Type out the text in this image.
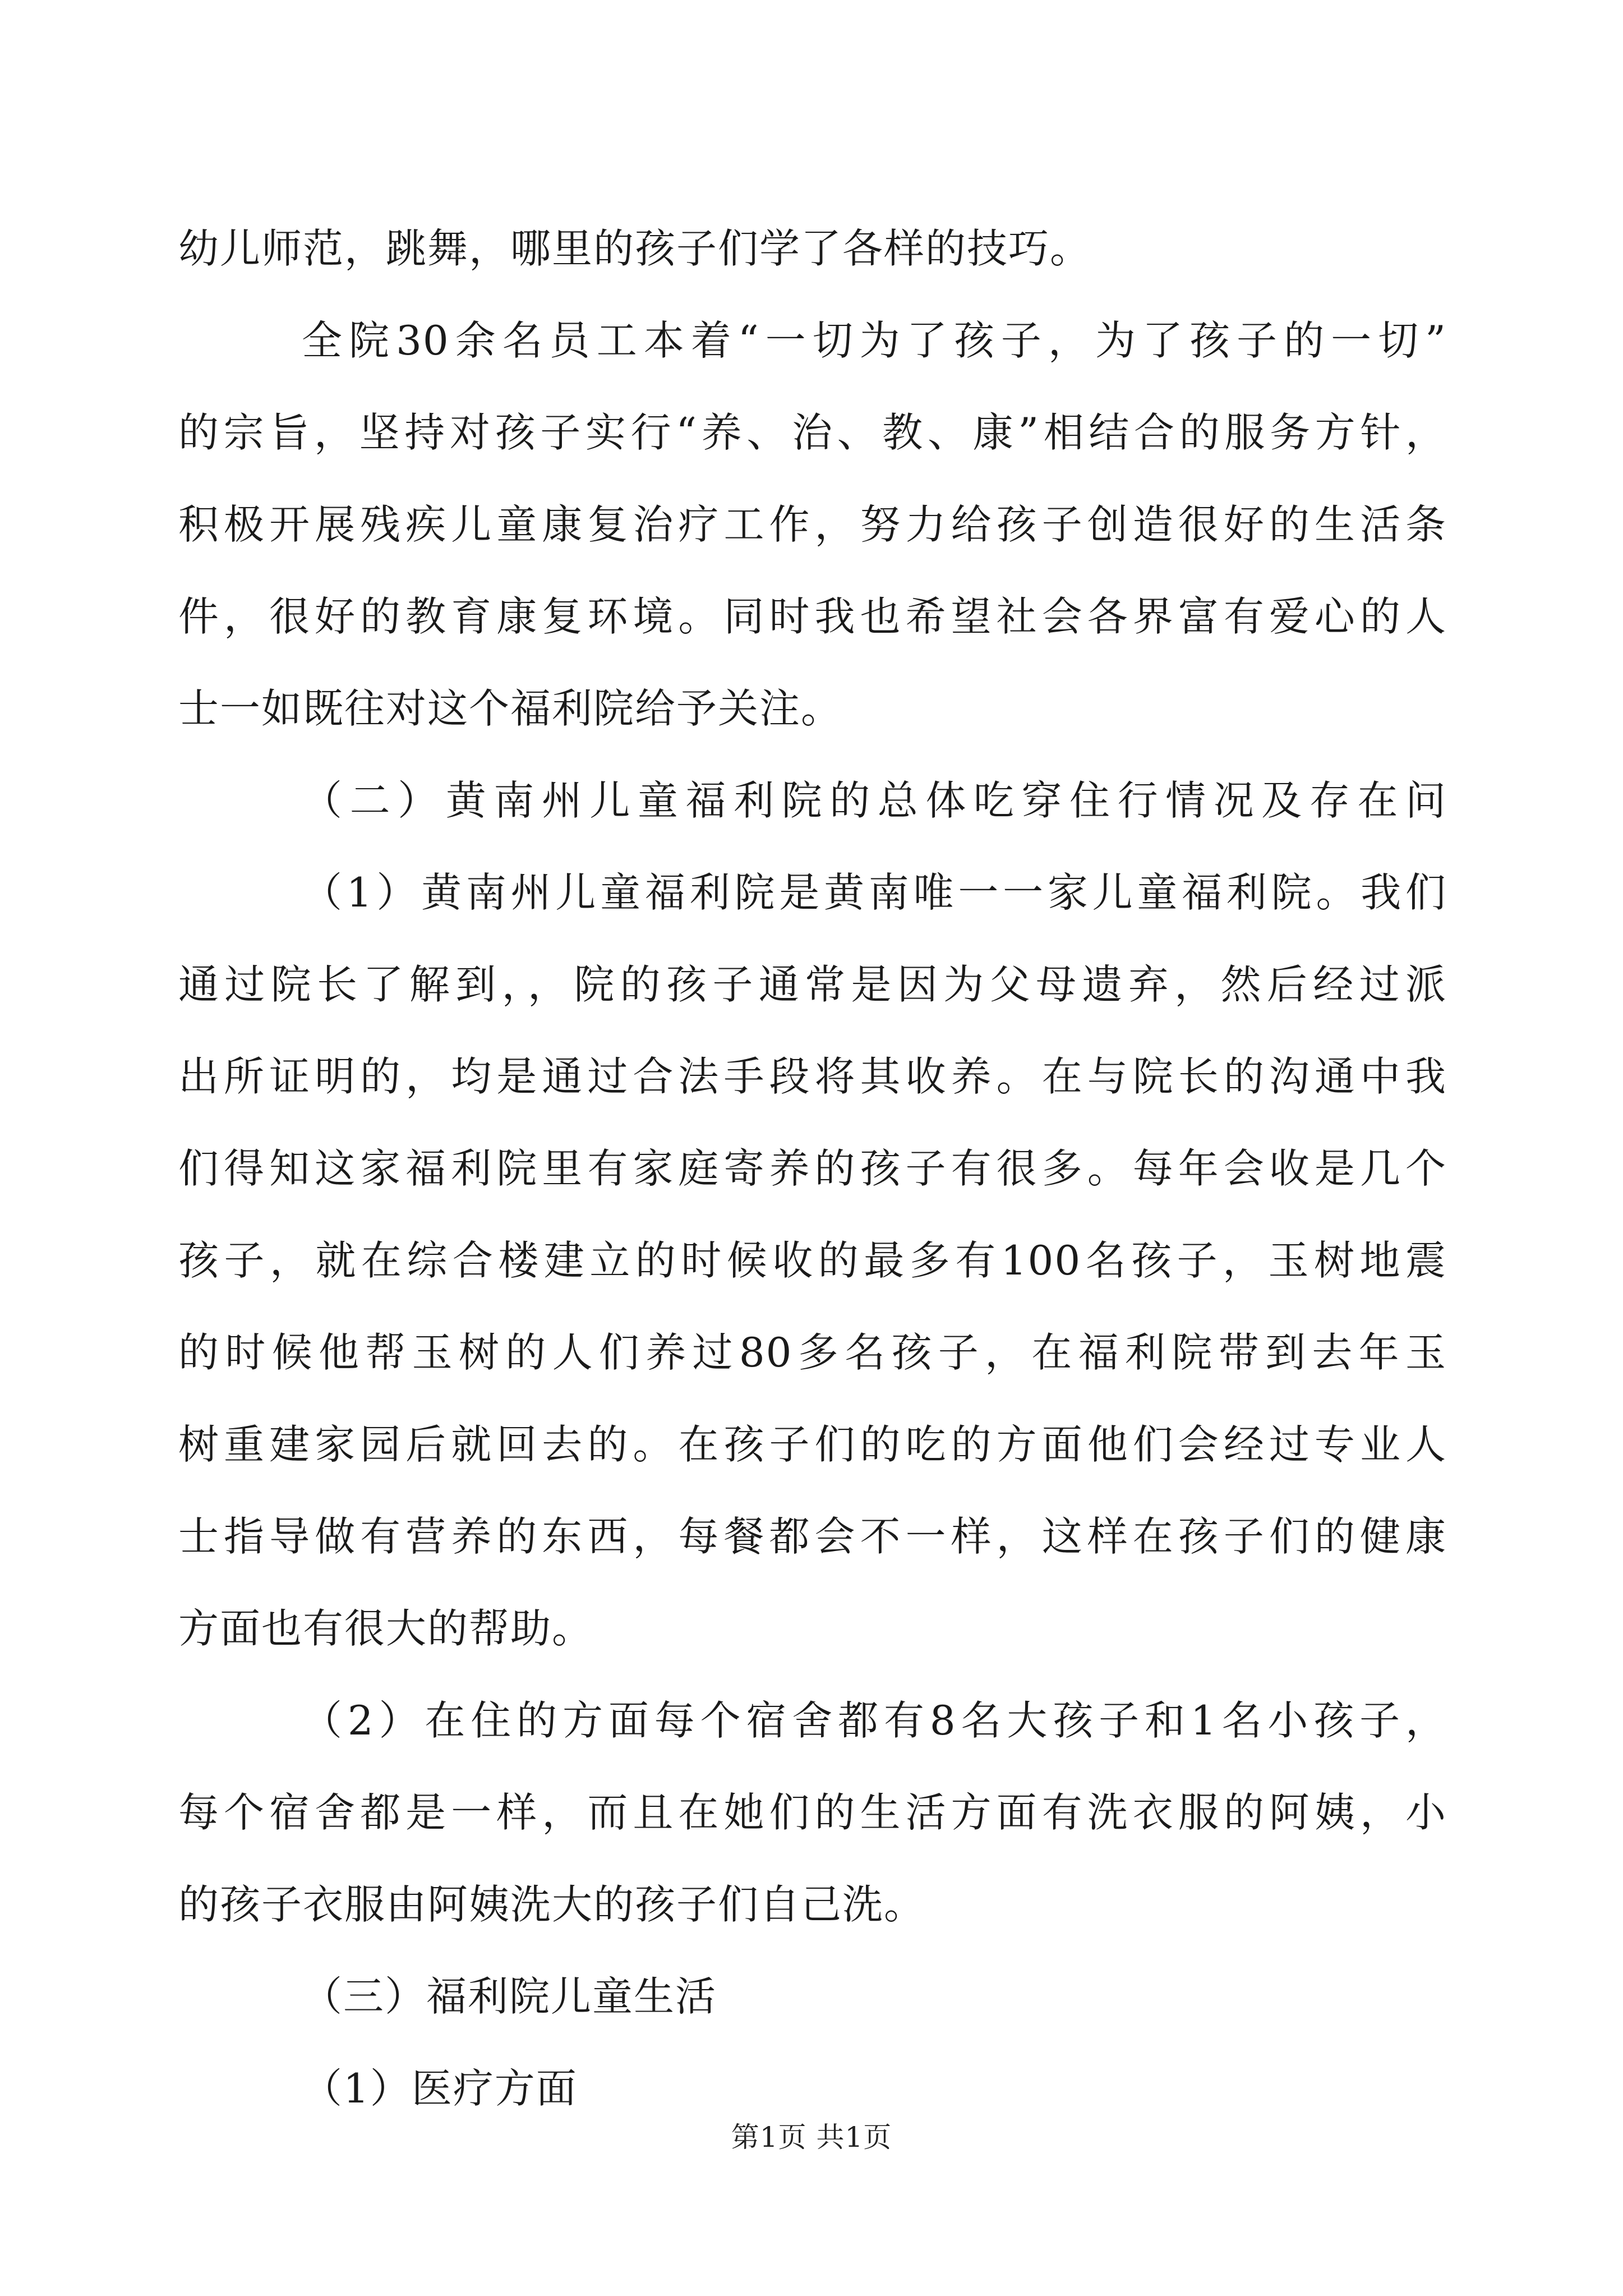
幼儿师范，跳舞，哪里的孩子们学了各样的技巧。
全院30余名员工本着“一切为了孩子，为了孩子的一切”
的宗旨，坚持对孩子实行“养、治、教、康”相结合的服务方针，
积极开展残疾儿童康复治疗工作，努力给孩子创造很好的生活条
件，很好的教育康复环境。同时我也希望社会各界富有爱心的人
士一如既往对这个福利院给予关注。
（二）黄南州儿童福利院的总体吃穿住行情况及存在问
（1）黄南州儿童福利院是黄南唯一一家儿童福利院。我们
通过院长了解到，，院的孩子通常是因为父母遗弃，然后经过派
出所证明的，均是通过合法手段将其收养。在与院长的沟通中我
们得知这家福利院里有家庭寄养的孩子有很多。每年会收是几个
孩子，就在综合楼建立的时候收的最多有100名孩子，玉树地震
的时候他帮玉树的人们养过80多名孩子，在福利院带到去年玉
树重建家园后就回去的。在孩子们的吃的方面他们会经过专业人
士指导做有营养的东西，每餐都会不一样，这样在孩子们的健康
方面也有很大的帮助。
（2）在住的方面每个宿舍都有8名大孩子和1名小孩子，
每个宿舍都是一样，而且在她们的生活方面有洗衣服的阿姨，小
的孩子衣服由阿姨洗大的孩子们自己洗。
（三）福利院儿童生活
（1）医疗方面
第1页 共1页
